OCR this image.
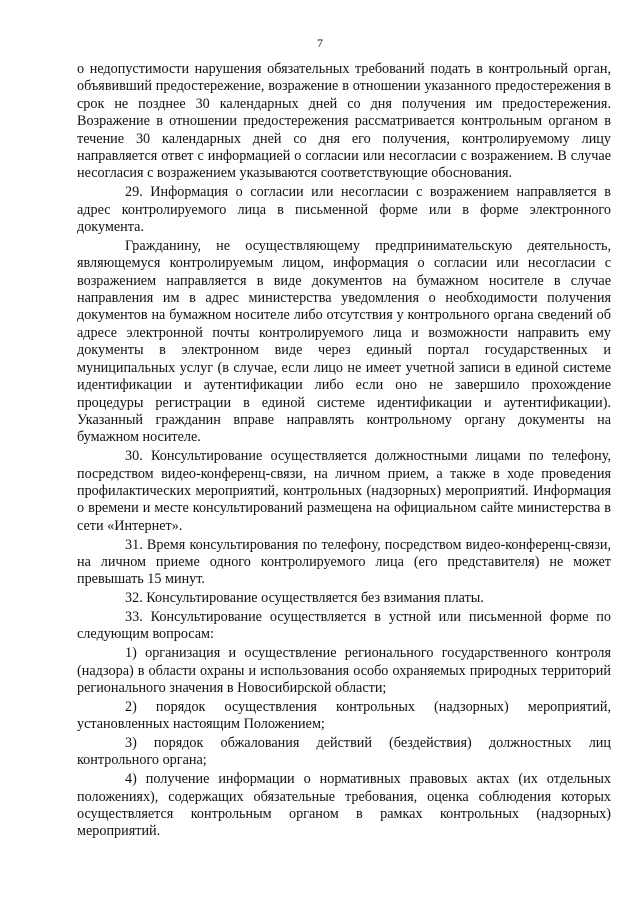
7

о недопустимости нарушения обязательных требований подать в контрольный орган, объявивший предостережение, возражение в отношении указанного предостережения в срок не позднее 30 календарных дней со дня получения им предостережения. Возражение в отношении предостережения рассматривается контрольным органом в течение 30 календарных дней со дня его получения, контролируемому лицу направляется ответ с информацией о согласии или несогласии с возражением. В случае несогласия с возражением указываются соответствующие обоснования.

29. Информация о согласии или несогласии с возражением направляется в адрес контролируемого лица в письменной форме или в форме электронного документа.

Гражданину, не осуществляющему предпринимательскую деятельность, являющемуся контролируемым лицом, информация о согласии или несогласии с возражением направляется в виде документов на бумажном носителе в случае направления им в адрес министерства уведомления о необходимости получения документов на бумажном носителе либо отсутствия у контрольного органа сведений об адресе электронной почты контролируемого лица и возможности направить ему документы в электронном виде через единый портал государственных и муниципальных услуг (в случае, если лицо не имеет учетной записи в единой системе идентификации и аутентификации либо если оно не завершило прохождение процедуры регистрации в единой системе идентификации и аутентификации). Указанный гражданин вправе направлять контрольному органу документы на бумажном носителе.

30. Консультирование осуществляется должностными лицами по телефону, посредством видео-конференц-связи, на личном прием, а также в ходе проведения профилактических мероприятий, контрольных (надзорных) мероприятий. Информация о времени и месте консультирований размещена на официальном сайте министерства в сети «Интернет».

31. Время консультирования по телефону, посредством видео-конференц-связи, на личном приеме одного контролируемого лица (его представителя) не может превышать 15 минут.

32. Консультирование осуществляется без взимания платы.

33. Консультирование осуществляется в устной или письменной форме по следующим вопросам:

1) организация и осуществление регионального государственного контроля (надзора) в области охраны и использования особо охраняемых природных территорий регионального значения в Новосибирской области;

2) порядок осуществления контрольных (надзорных) мероприятий, установленных настоящим Положением;

3) порядок обжалования действий (бездействия) должностных лиц контрольного органа;

4) получение информации о нормативных правовых актах (их отдельных положениях), содержащих обязательные требования, оценка соблюдения которых осуществляется контрольным органом в рамках контрольных (надзорных) мероприятий.
